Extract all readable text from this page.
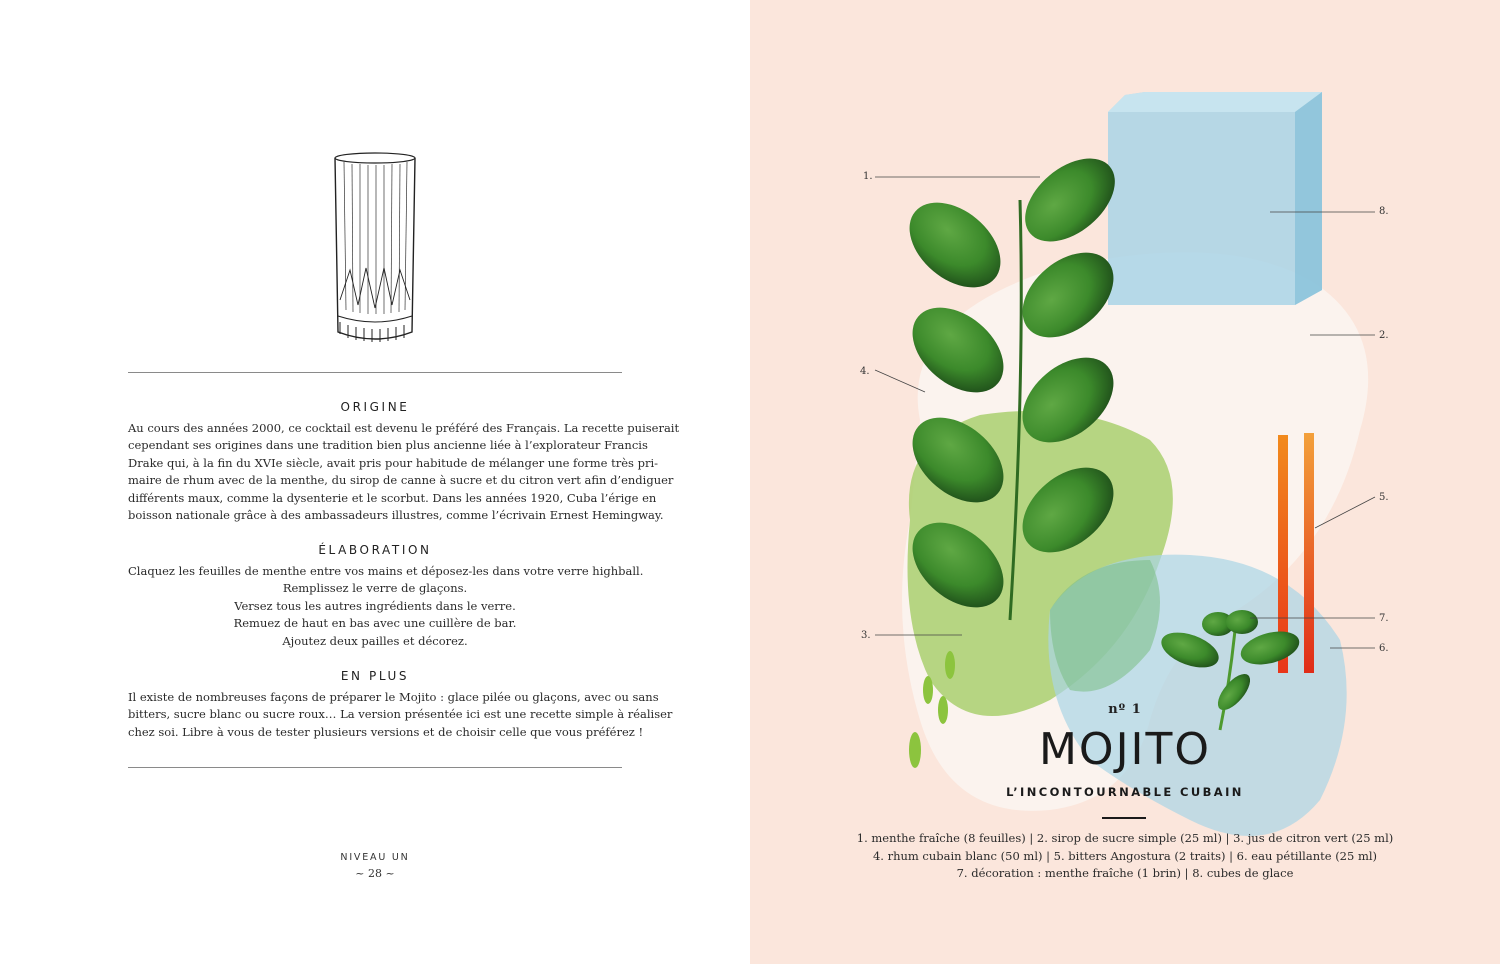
ORIGINE
Au cours des années 2000, ce cocktail est devenu le préféré des Français. La recette puiserait
cependant ses origines dans une tradition bien plus ancienne liée à l’explorateur Francis
Drake qui, à la fin du XVIe siècle, avait pris pour habitude de mélanger une forme très pri-
maire de rhum avec de la menthe, du sirop de canne à sucre et du citron vert afin d’endiguer
différents maux, comme la dysenterie et le scorbut. Dans les années 1920, Cuba l’érige en
boisson nationale grâce à des ambassadeurs illustres, comme l’écrivain Ernest Hemingway.
ÉLABORATION
Claquez les feuilles de menthe entre vos mains et déposez-les dans votre verre highball.
Remplissez le verre de glaçons.
Versez tous les autres ingrédients dans le verre.
Remuez de haut en bas avec une cuillère de bar.
Ajoutez deux pailles et décorez.
EN PLUS
Il existe de nombreuses façons de préparer le Mojito : glace pilée ou glaçons, avec ou sans
bitters, sucre blanc ou sucre roux… La version présentée ici est une recette simple à réaliser
chez soi. Libre à vous de tester plusieurs versions et de choisir celle que vous préférez !
NIVEAU UN
~ 28 ~
1.
8.
2.
4.
5.
7.
6.
3.
nº 1
MOJITO
L’INCONTOURNABLE CUBAIN
1. menthe fraîche (8 feuilles) | 2. sirop de sucre simple (25 ml) | 3. jus de citron vert (25 ml)
4. rhum cubain blanc (50 ml) | 5. bitters Angostura (2 traits) | 6. eau pétillante (25 ml)
7. décoration : menthe fraîche (1 brin) | 8. cubes de glace
